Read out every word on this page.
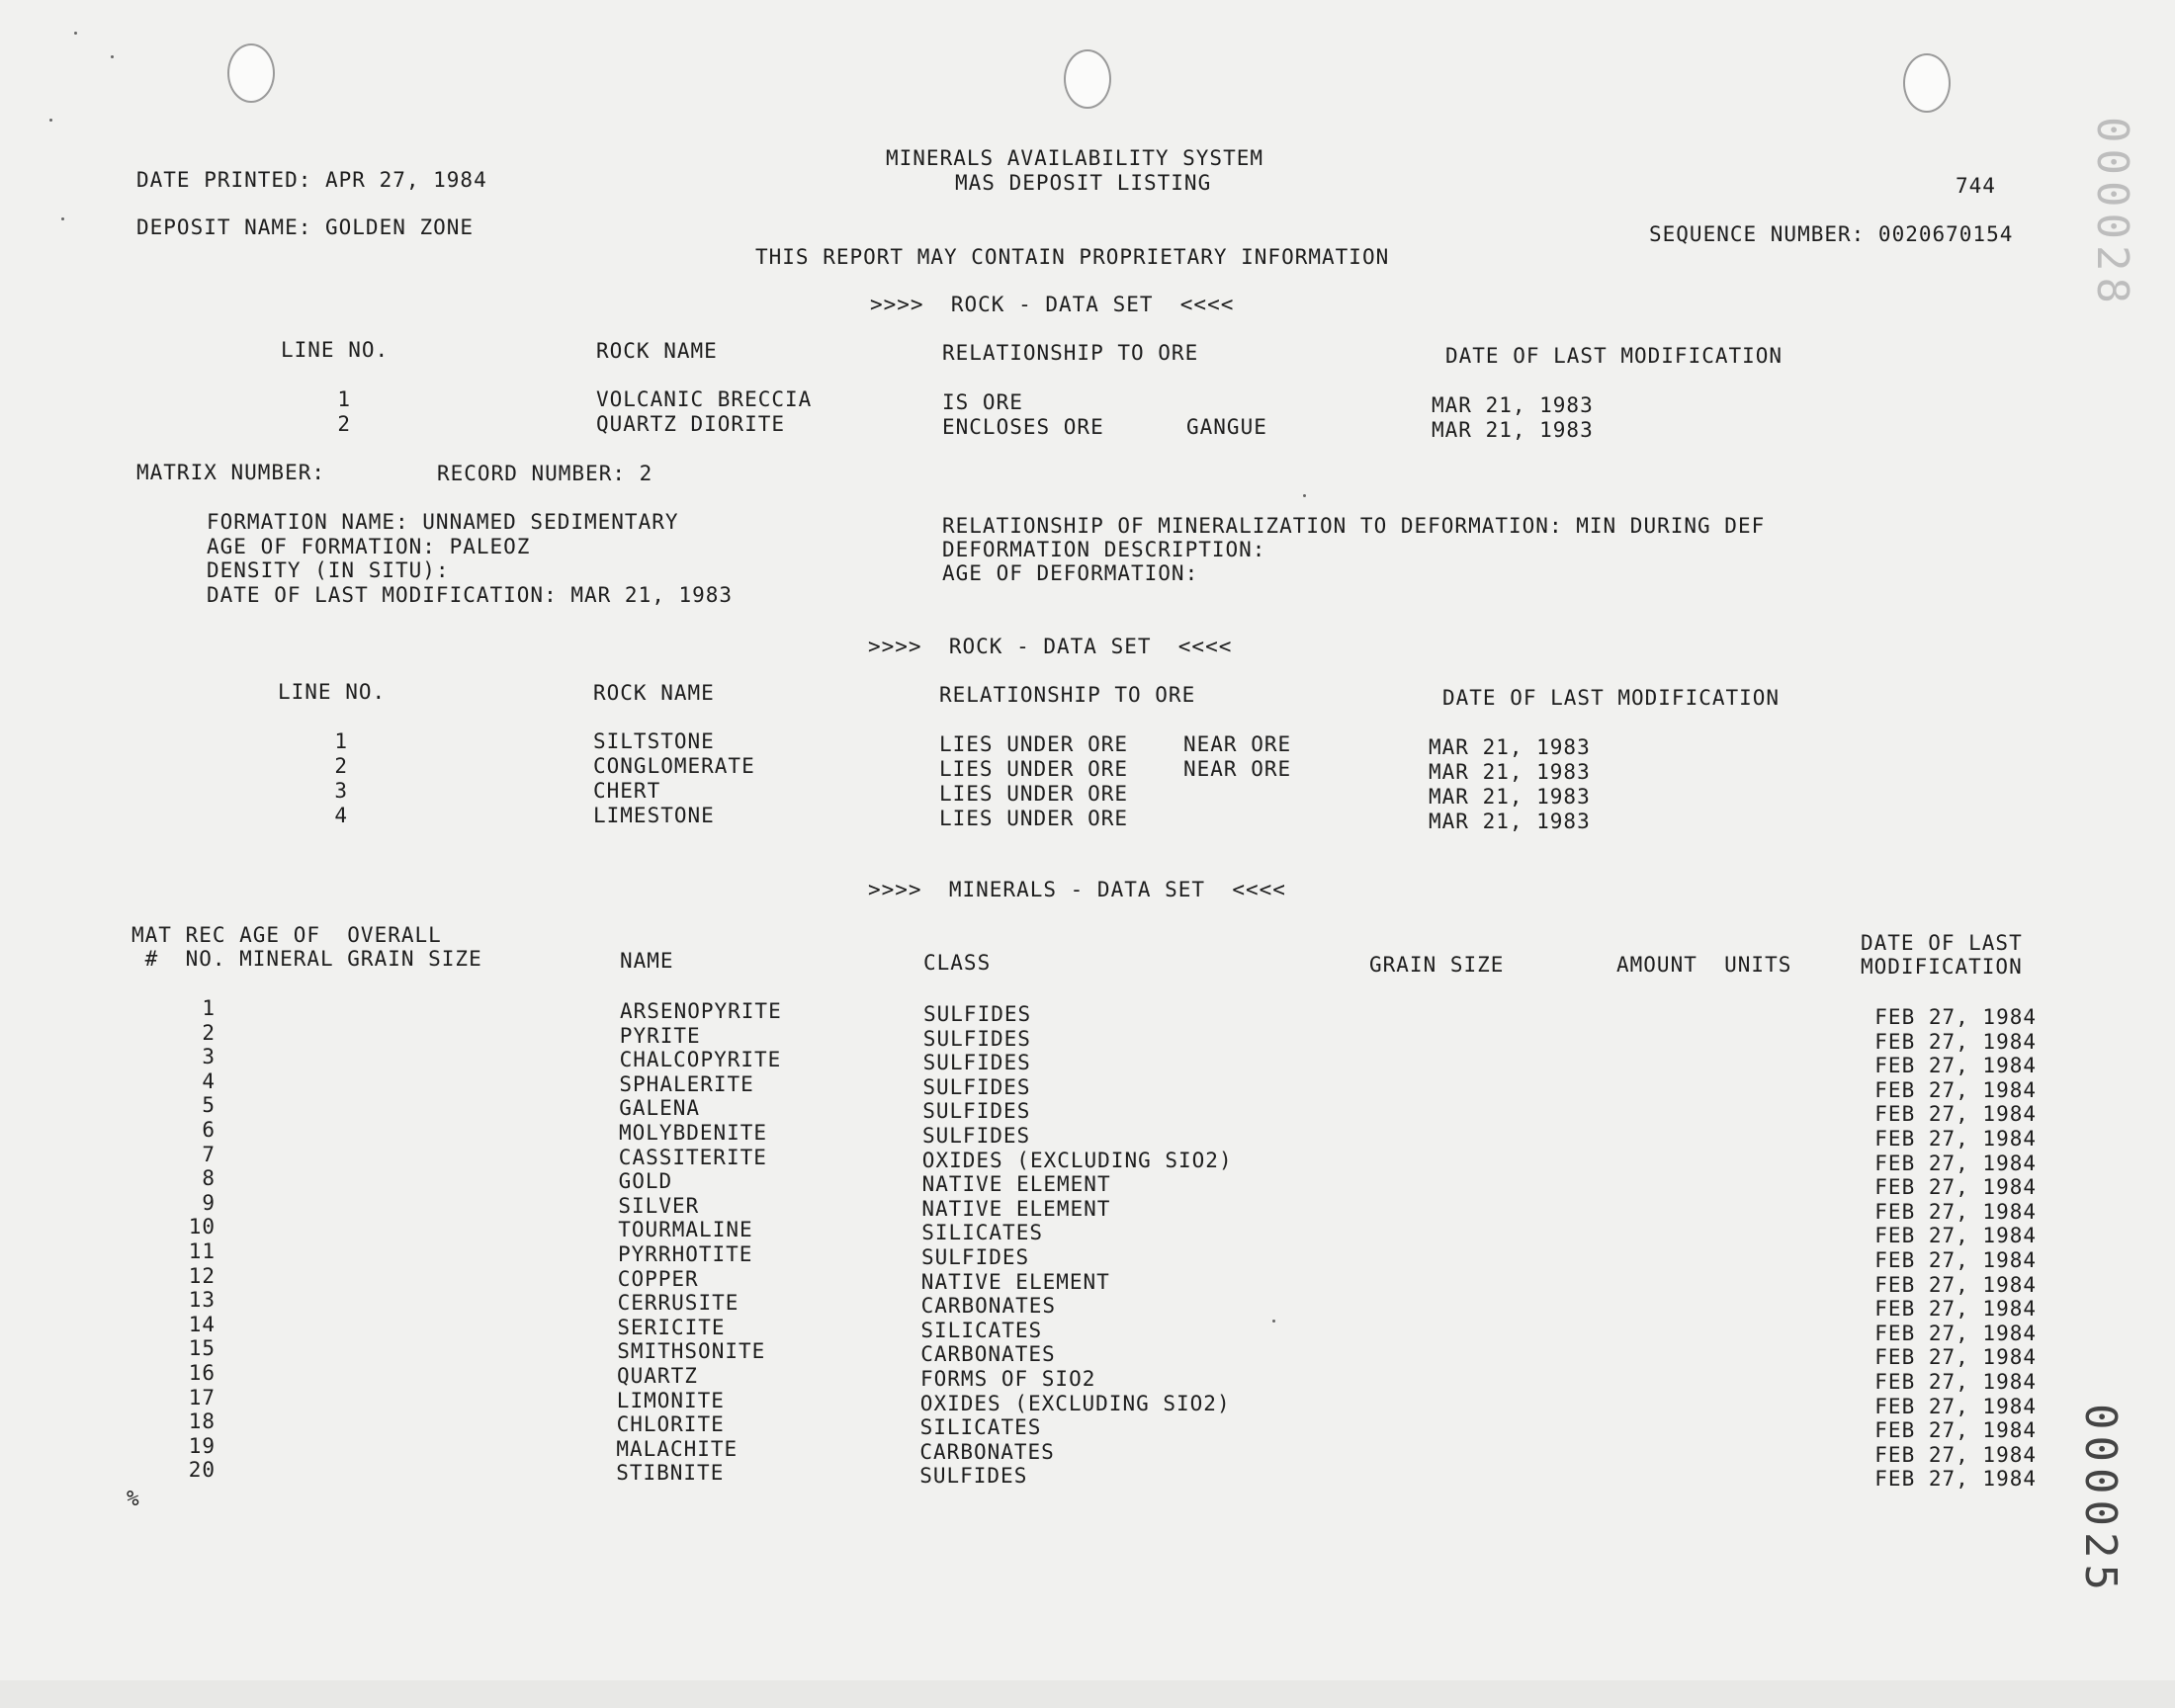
000028
000025
MINERALS AVAILABILITY SYSTEM
MAS DEPOSIT LISTING
DATE PRINTED: APR 27, 1984	744
DEPOSIT NAME: GOLDEN ZONE	SEQUENCE NUMBER: 0020670154
THIS REPORT MAY CONTAIN PROPRIETARY INFORMATION
>>>>  ROCK - DATA SET  <<<<
LINE NO.	ROCK NAME	RELATIONSHIP TO ORE	DATE OF LAST MODIFICATION
1	VOLCANIC BRECCIA	IS ORE	MAR 21, 1983
2	QUARTZ DIORITE	ENCLOSES ORE	GANGUE	MAR 21, 1983
MATRIX NUMBER:	RECORD NUMBER: 2
FORMATION NAME: UNNAMED SEDIMENTARY
AGE OF FORMATION: PALEOZ
DENSITY (IN SITU):
DATE OF LAST MODIFICATION: MAR 21, 1983
RELATIONSHIP OF MINERALIZATION TO DEFORMATION: MIN DURING DEF
DEFORMATION DESCRIPTION:
AGE OF DEFORMATION:
>>>>  ROCK - DATA SET  <<<<
LINE NO.	ROCK NAME	RELATIONSHIP TO ORE	DATE OF LAST MODIFICATION
1	SILTSTONE	LIES UNDER ORE	NEAR ORE	MAR 21, 1983
2	CONGLOMERATE	LIES UNDER ORE	NEAR ORE	MAR 21, 1983
3	CHERT	LIES UNDER ORE	MAR 21, 1983
4	LIMESTONE	LIES UNDER ORE	MAR 21, 1983
>>>>  MINERALS - DATA SET  <<<<
MAT REC AGE OF  OVERALL
#  NO. MINERAL GRAIN SIZE	NAME	CLASS	GRAIN SIZE	AMOUNT  UNITS
DATE OF LAST
MODIFICATION
1	ARSENOPYRITE	SULFIDES	FEB 27, 1984
2	PYRITE	SULFIDES	FEB 27, 1984
3	CHALCOPYRITE	SULFIDES	FEB 27, 1984
4	SPHALERITE	SULFIDES	FEB 27, 1984
5	GALENA	SULFIDES	FEB 27, 1984
6	MOLYBDENITE	SULFIDES	FEB 27, 1984
7	CASSITERITE	OXIDES (EXCLUDING SIO2)	FEB 27, 1984
8	GOLD	NATIVE ELEMENT	FEB 27, 1984
9	SILVER	NATIVE ELEMENT	FEB 27, 1984
10	TOURMALINE	SILICATES	FEB 27, 1984
11	PYRRHOTITE	SULFIDES	FEB 27, 1984
12	COPPER	NATIVE ELEMENT	FEB 27, 1984
13	CERRUSITE	CARBONATES	FEB 27, 1984
14	SERICITE	SILICATES	FEB 27, 1984
15	SMITHSONITE	CARBONATES	FEB 27, 1984
16	QUARTZ	FORMS OF SIO2	FEB 27, 1984
17	LIMONITE	OXIDES (EXCLUDING SIO2)	FEB 27, 1984
18	CHLORITE	SILICATES	FEB 27, 1984
19	MALACHITE	CARBONATES	FEB 27, 1984
20	STIBNITE	SULFIDES	FEB 27, 1984
%
